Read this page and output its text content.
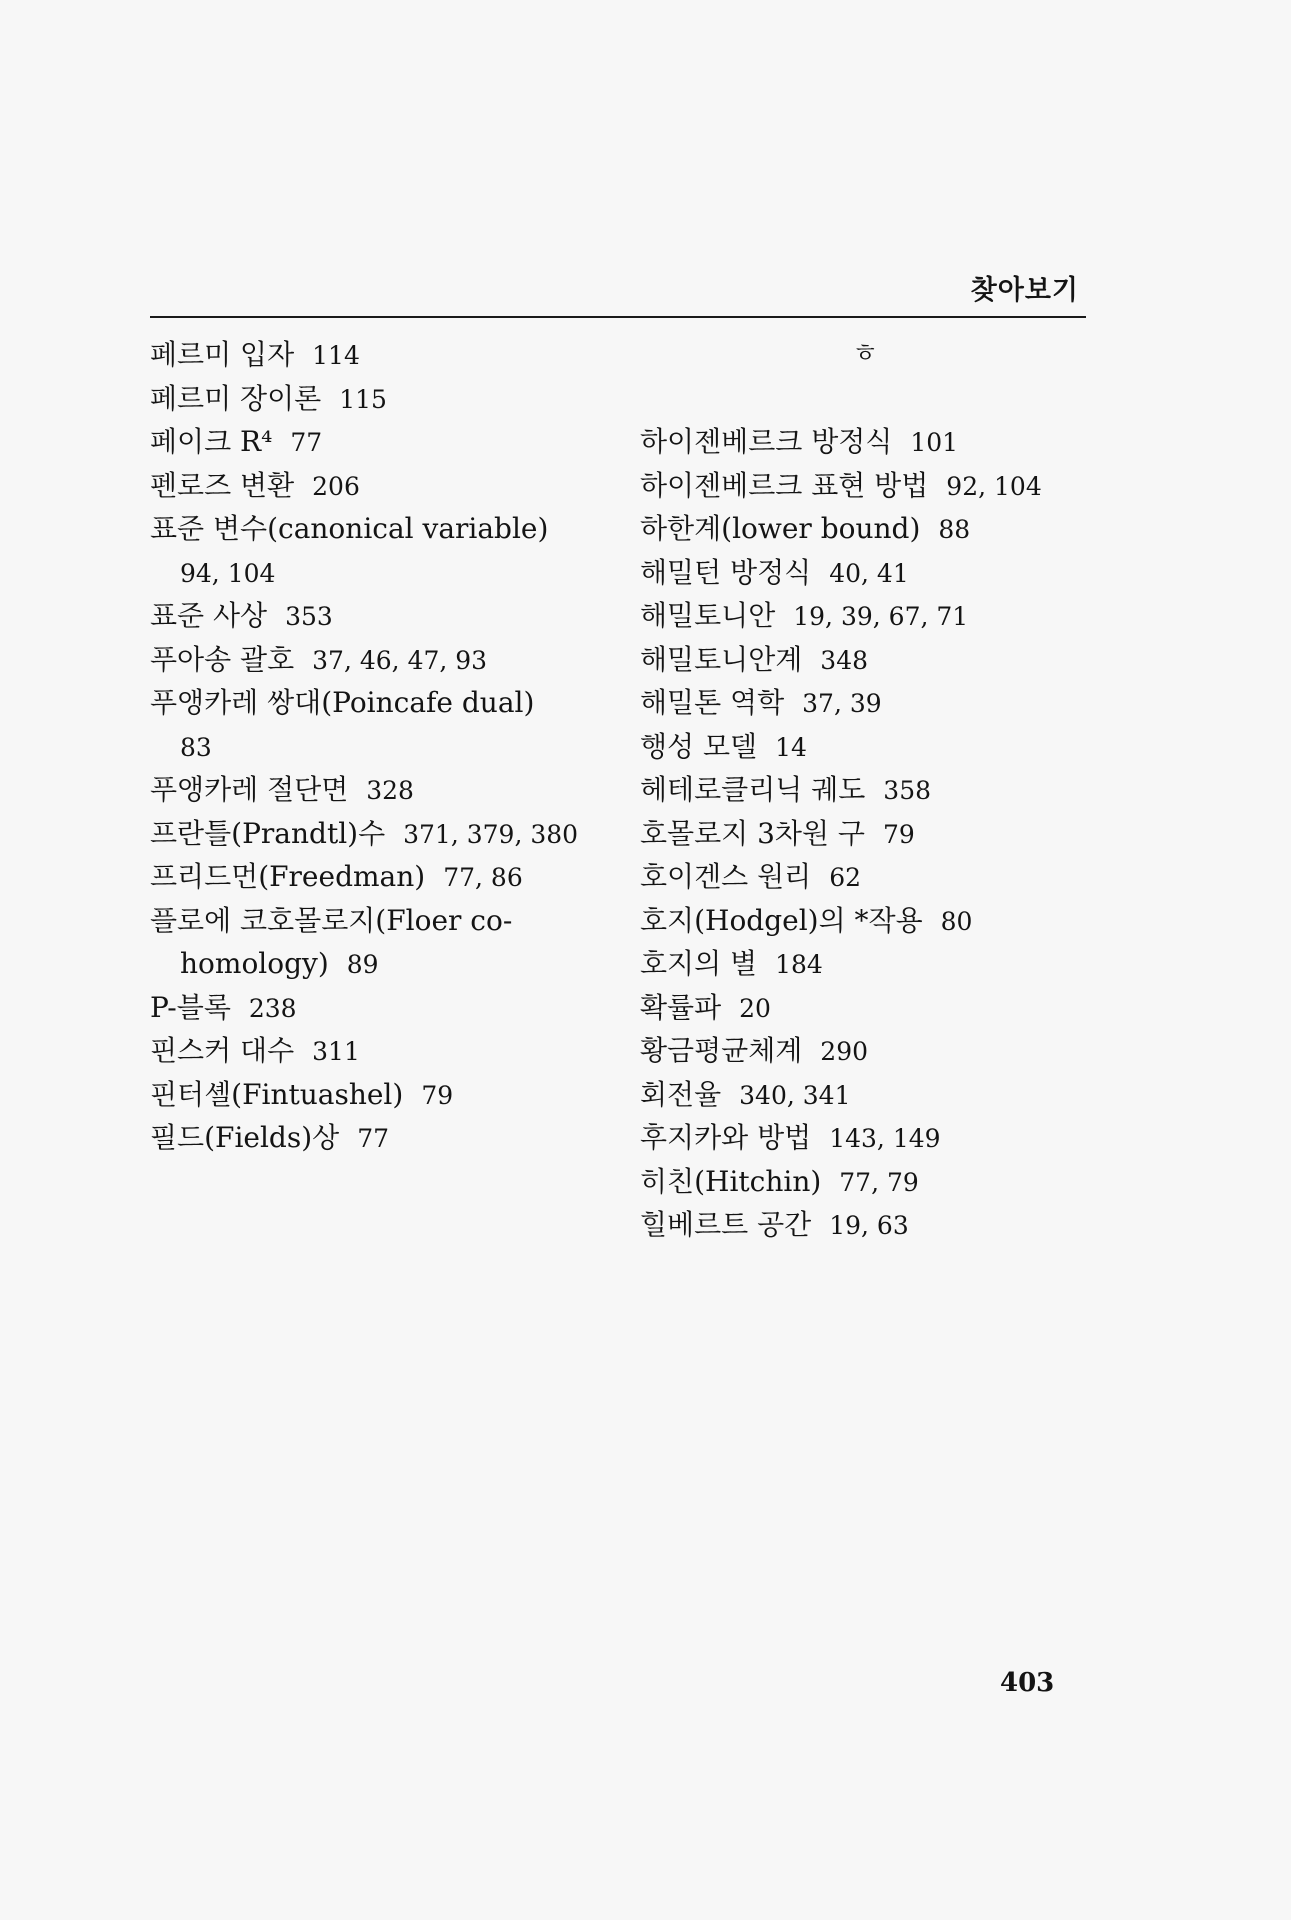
찾아보기
페르미 입자 114
페르미 장이론 115
페이크 R⁴ 77
펜로즈 변환 206
표준 변수(canonical variable)
94, 104
표준 사상 353
푸아송 괄호 37, 46, 47, 93
푸앵카레 쌍대(Poincafe dual)
83
푸앵카레 절단면 328
프란틀(Prandtl)수 371, 379, 380
프리드먼(Freedman) 77, 86
플로에 코호몰로지(Floer co-
homology) 89
P-블록 238
핀스커 대수 311
핀터셸(Fintuashel) 79
필드(Fields)상 77
ㅎ
하이젠베르크 방정식 101
하이젠베르크 표현 방법 92, 104
하한계(lower bound) 88
해밀턴 방정식 40, 41
해밀토니안 19, 39, 67, 71
해밀토니안계 348
해밀톤 역학 37, 39
행성 모델 14
헤테로클리닉 궤도 358
호몰로지 3차원 구 79
호이겐스 원리 62
호지(Hodgel)의 *작용 80
호지의 별 184
확률파 20
황금평균체계 290
회전율 340, 341
후지카와 방법 143, 149
히친(Hitchin) 77, 79
힐베르트 공간 19, 63
403
